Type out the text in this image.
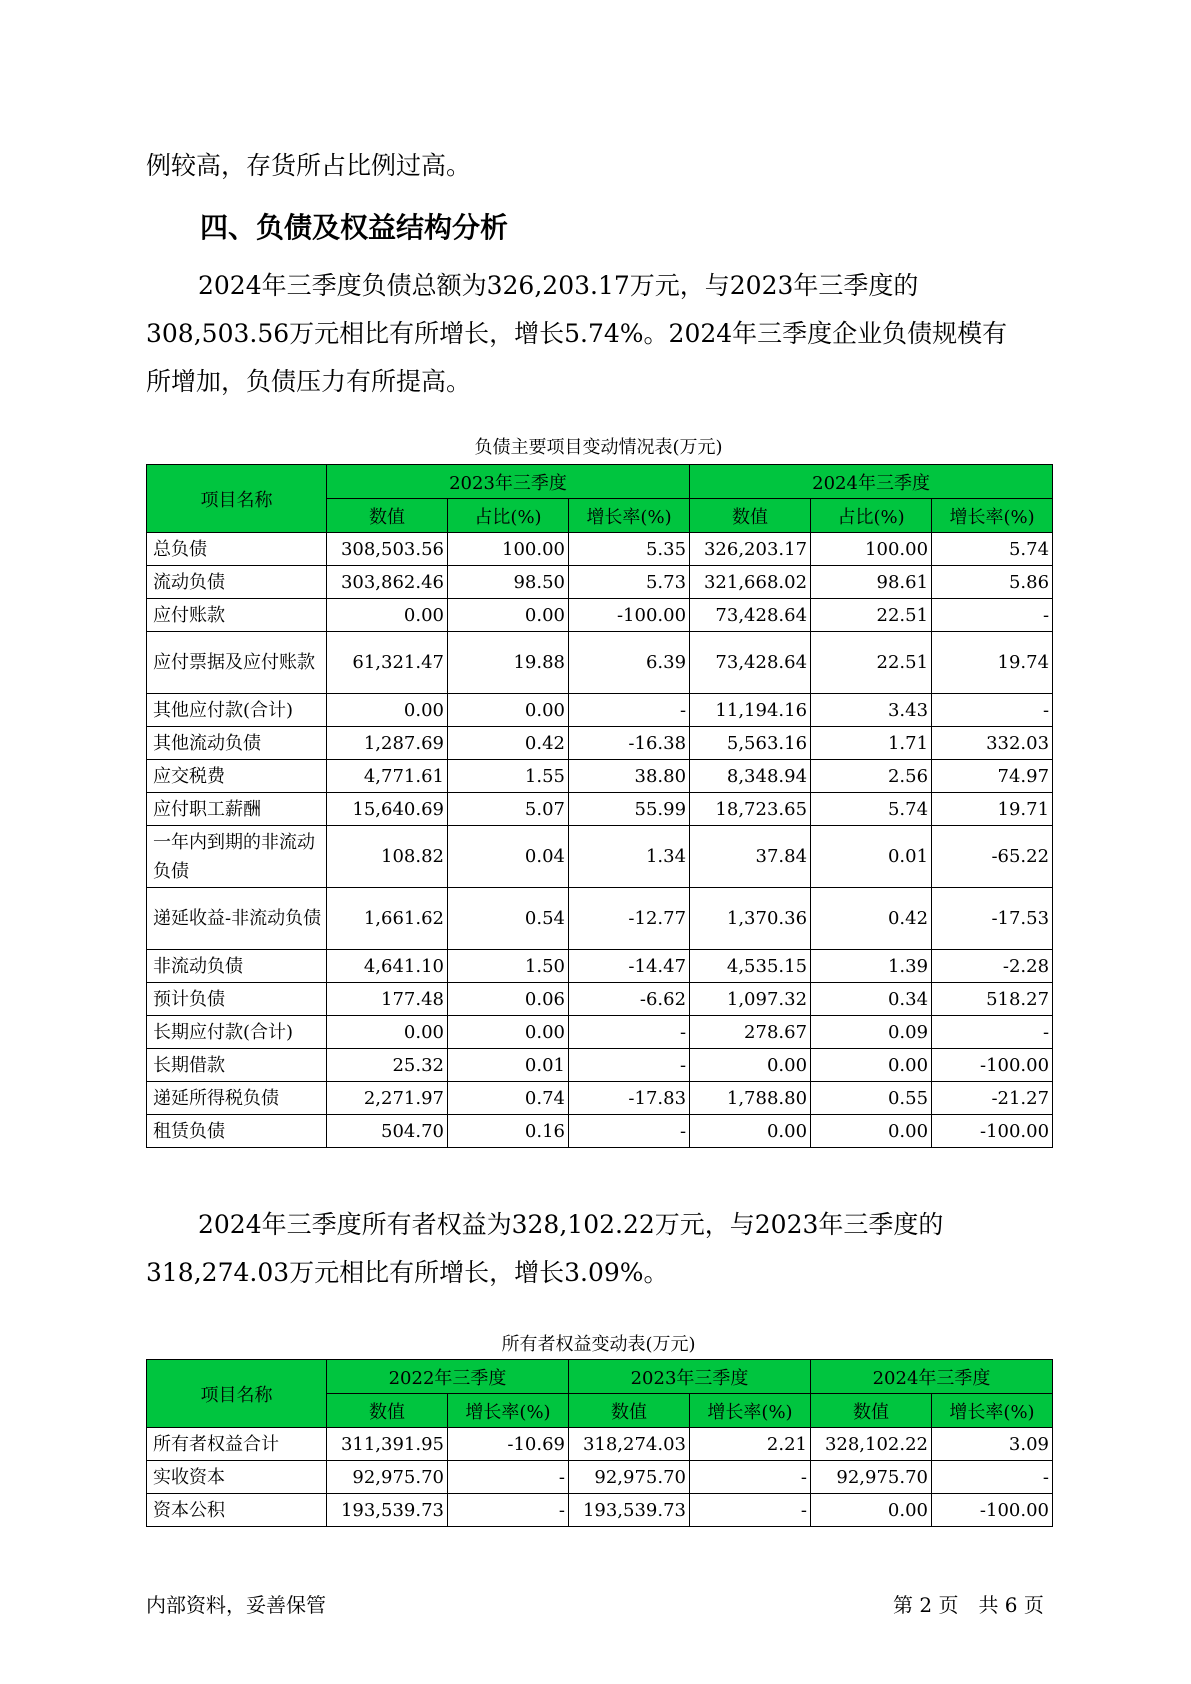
例较高，存货所占比例过高。

四、负债及权益结构分析

2024年三季度负债总额为326,203.17万元，与2023年三季度的
308,503.56万元相比有所增长，增长5.74%。2024年三季度企业负债规模有
所增加，负债压力有所提高。

负债主要项目变动情况表(万元)
项目名称	2023年三季度			2024年三季度		
	数值	占比(%)	增长率(%)	数值	占比(%)	增长率(%)
总负债	308,503.56	100.00	5.35	326,203.17	100.00	5.74
流动负债	303,862.46	98.50	5.73	321,668.02	98.61	5.86
应付账款	0.00	0.00	-100.00	73,428.64	22.51	-
应付票据及应付账款	61,321.47	19.88	6.39	73,428.64	22.51	19.74
其他应付款(合计)	0.00	0.00	-	11,194.16	3.43	-
其他流动负债	1,287.69	0.42	-16.38	5,563.16	1.71	332.03
应交税费	4,771.61	1.55	38.80	8,348.94	2.56	74.97
应付职工薪酬	15,640.69	5.07	55.99	18,723.65	5.74	19.71
一年内到期的非流动负债	108.82	0.04	1.34	37.84	0.01	-65.22
递延收益-非流动负债	1,661.62	0.54	-12.77	1,370.36	0.42	-17.53
非流动负债	4,641.10	1.50	-14.47	4,535.15	1.39	-2.28
预计负债	177.48	0.06	-6.62	1,097.32	0.34	518.27
长期应付款(合计)	0.00	0.00	-	278.67	0.09	-
长期借款	25.32	0.01	-	0.00	0.00	-100.00
递延所得税负债	2,271.97	0.74	-17.83	1,788.80	0.55	-21.27
租赁负债	504.70	0.16	-	0.00	0.00	-100.00

2024年三季度所有者权益为328,102.22万元，与2023年三季度的
318,274.03万元相比有所增长，增长3.09%。

所有者权益变动表(万元)
项目名称	2022年三季度		2023年三季度		2024年三季度	
	数值	增长率(%)	数值	增长率(%)	数值	增长率(%)
所有者权益合计	311,391.95	-10.69	318,274.03	2.21	328,102.22	3.09
实收资本	92,975.70	-	92,975.70	-	92,975.70	-
资本公积	193,539.73	-	193,539.73	-	0.00	-100.00
内部资料，妥善保管	第 2 页　共 6 页
